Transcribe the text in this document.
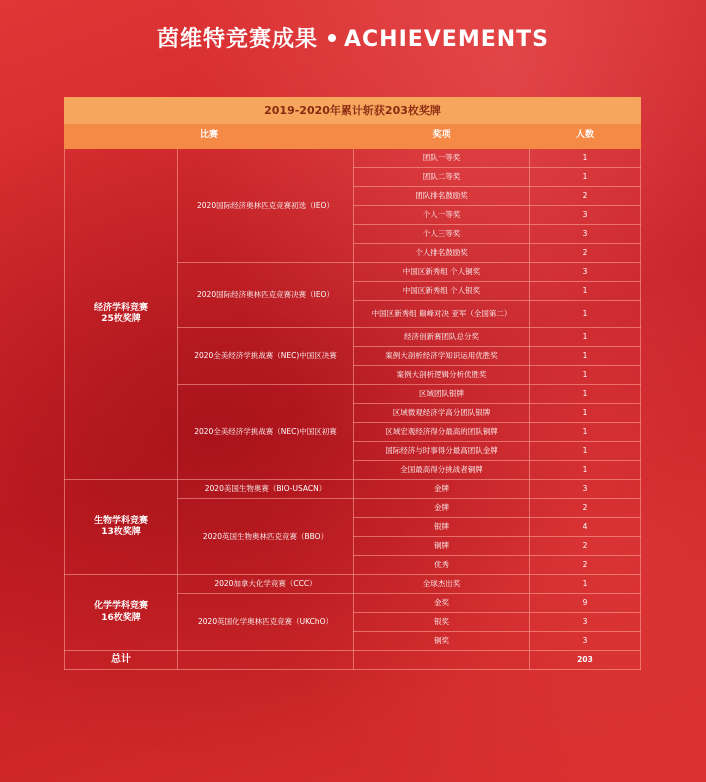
茵维特竞赛成果 ACHIEVEMENTS
2019-2020年累计斩获203枚奖牌			
比赛		奖项	人数

经济学科竞赛
25枚奖牌	2020国际经济奥林匹克竞赛初选（IEO）	团队一等奖	1
		团队二等奖	1
		团队排名鼓励奖	2
		个人一等奖	3
		个人三等奖	3
		个人排名鼓励奖	2
	2020国际经济奥林匹克竞赛决赛（IEO）	中国区新秀组 个人铜奖	3
		中国区新秀组 个人银奖	1
		中国区新秀组 巅峰对决 亚军（全国第二）	1
	2020全美经济学挑战赛（NEC)中国区决赛	经济创新赛团队总分奖	1
		案例大剖析经济学知识运用优胜奖	1
		案例大剖析逻辑分析优胜奖	1
	2020全美经济学挑战赛（NEC)中国区初赛	区域团队银牌	1
		区域微观经济学高分团队银牌	1
		区域宏观经济得分最高的团队铜牌	1
		国际经济与时事得分最高团队金牌	1
		全国最高得分挑战者铜牌	1

生物学科竞赛
13枚奖牌	2020美国生物奥赛（BIO-USACN）	金牌	3
	2020英国生物奥林匹克竞赛（BBO）	金牌	2
		银牌	4
		铜牌	2
		优秀	2

化学学科竞赛
16枚奖牌	2020加拿大化学竞赛（CCC）	全球杰出奖	1
	2020英国化学奥林匹克竞赛（UKChO）	金奖	9
		银奖	3
		铜奖	3
总计			203
